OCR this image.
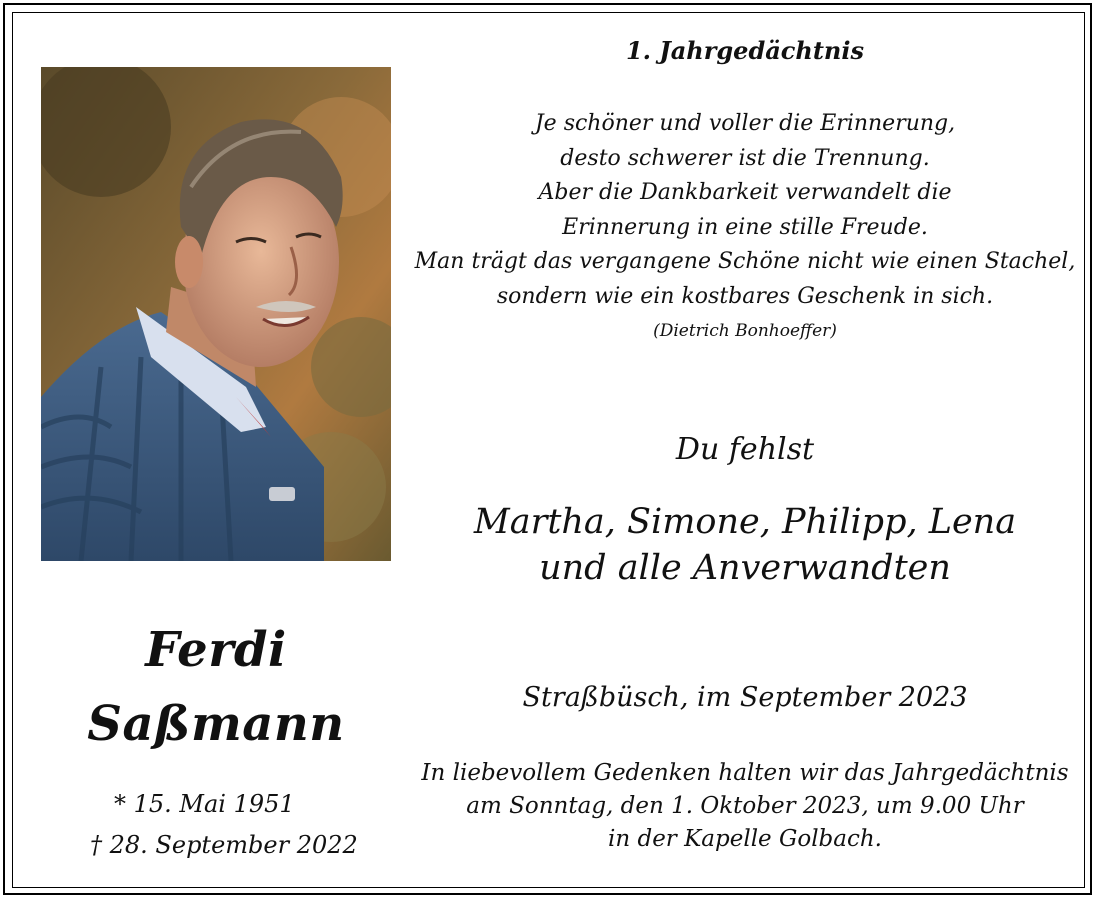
Ferdi
Saßmann
* 15. Mai 1951
† 28. September 2022
1. Jahrgedächtnis
Je schöner und voller die Erinnerung,
desto schwerer ist die Trennung.
Aber die Dankbarkeit verwandelt die
Erinnerung in eine stille Freude.
Man trägt das vergangene Schöne nicht wie einen Stachel,
sondern wie ein kostbares Geschenk in sich.
(Dietrich Bonhoeffer)
Du fehlst
Martha, Simone, Philipp, Lena
und alle Anverwandten
Straßbüsch, im September 2023
In liebevollem Gedenken halten wir das Jahrgedächtnis
am Sonntag, den 1. Oktober 2023, um 9.00 Uhr
in der Kapelle Golbach.
